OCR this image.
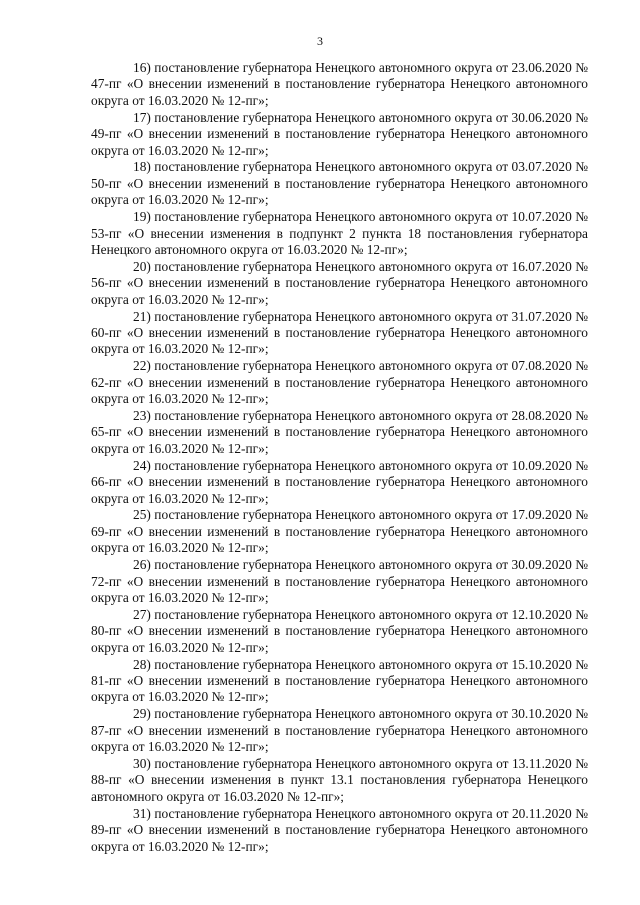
3

16) постановление губернатора Ненецкого автономного округа от 23.06.2020 № 47-пг «О внесении изменений в постановление губернатора Ненецкого автономного округа от 16.03.2020 № 12-пг»;

17) постановление губернатора Ненецкого автономного округа от 30.06.2020 № 49-пг «О внесении изменений в постановление губернатора Ненецкого автономного округа от 16.03.2020 № 12-пг»;

18) постановление губернатора Ненецкого автономного округа от 03.07.2020 № 50-пг «О внесении изменений в постановление губернатора Ненецкого автономного округа от 16.03.2020 № 12-пг»;

19) постановление губернатора Ненецкого автономного округа от 10.07.2020 № 53-пг «О внесении изменения в подпункт 2 пункта 18 постановления губернатора Ненецкого автономного округа от 16.03.2020 № 12-пг»;

20) постановление губернатора Ненецкого автономного округа от 16.07.2020 № 56-пг «О внесении изменений в постановление губернатора Ненецкого автономного округа от 16.03.2020 № 12-пг»;

21) постановление губернатора Ненецкого автономного округа от 31.07.2020 № 60-пг «О внесении изменений в постановление губернатора Ненецкого автономного округа от 16.03.2020 № 12-пг»;

22) постановление губернатора Ненецкого автономного округа от 07.08.2020 № 62-пг «О внесении изменений в постановление губернатора Ненецкого автономного округа от 16.03.2020 № 12-пг»;

23) постановление губернатора Ненецкого автономного округа от 28.08.2020 № 65-пг «О внесении изменений в постановление губернатора Ненецкого автономного округа от 16.03.2020 № 12-пг»;

24) постановление губернатора Ненецкого автономного округа от 10.09.2020 № 66-пг «О внесении изменений в постановление губернатора Ненецкого автономного округа от 16.03.2020 № 12-пг»;

25) постановление губернатора Ненецкого автономного округа от 17.09.2020 № 69-пг «О внесении изменений в постановление губернатора Ненецкого автономного округа от 16.03.2020 № 12-пг»;

26) постановление губернатора Ненецкого автономного округа от 30.09.2020 № 72-пг «О внесении изменений в постановление губернатора Ненецкого автономного округа от 16.03.2020 № 12-пг»;

27) постановление губернатора Ненецкого автономного округа от 12.10.2020 № 80-пг «О внесении изменений в постановление губернатора Ненецкого автономного округа от 16.03.2020 № 12-пг»;

28) постановление губернатора Ненецкого автономного округа от 15.10.2020 № 81-пг «О внесении изменений в постановление губернатора Ненецкого автономного округа от 16.03.2020 № 12-пг»;

29) постановление губернатора Ненецкого автономного округа от 30.10.2020 № 87-пг «О внесении изменений в постановление губернатора Ненецкого автономного округа от 16.03.2020 № 12-пг»;

30) постановление губернатора Ненецкого автономного округа от 13.11.2020 № 88-пг «О внесении изменения в пункт 13.1 постановления губернатора Ненецкого автономного округа от 16.03.2020 № 12-пг»;

31) постановление губернатора Ненецкого автономного округа от 20.11.2020 № 89-пг «О внесении изменений в постановление губернатора Ненецкого автономного округа от 16.03.2020 № 12-пг»;
